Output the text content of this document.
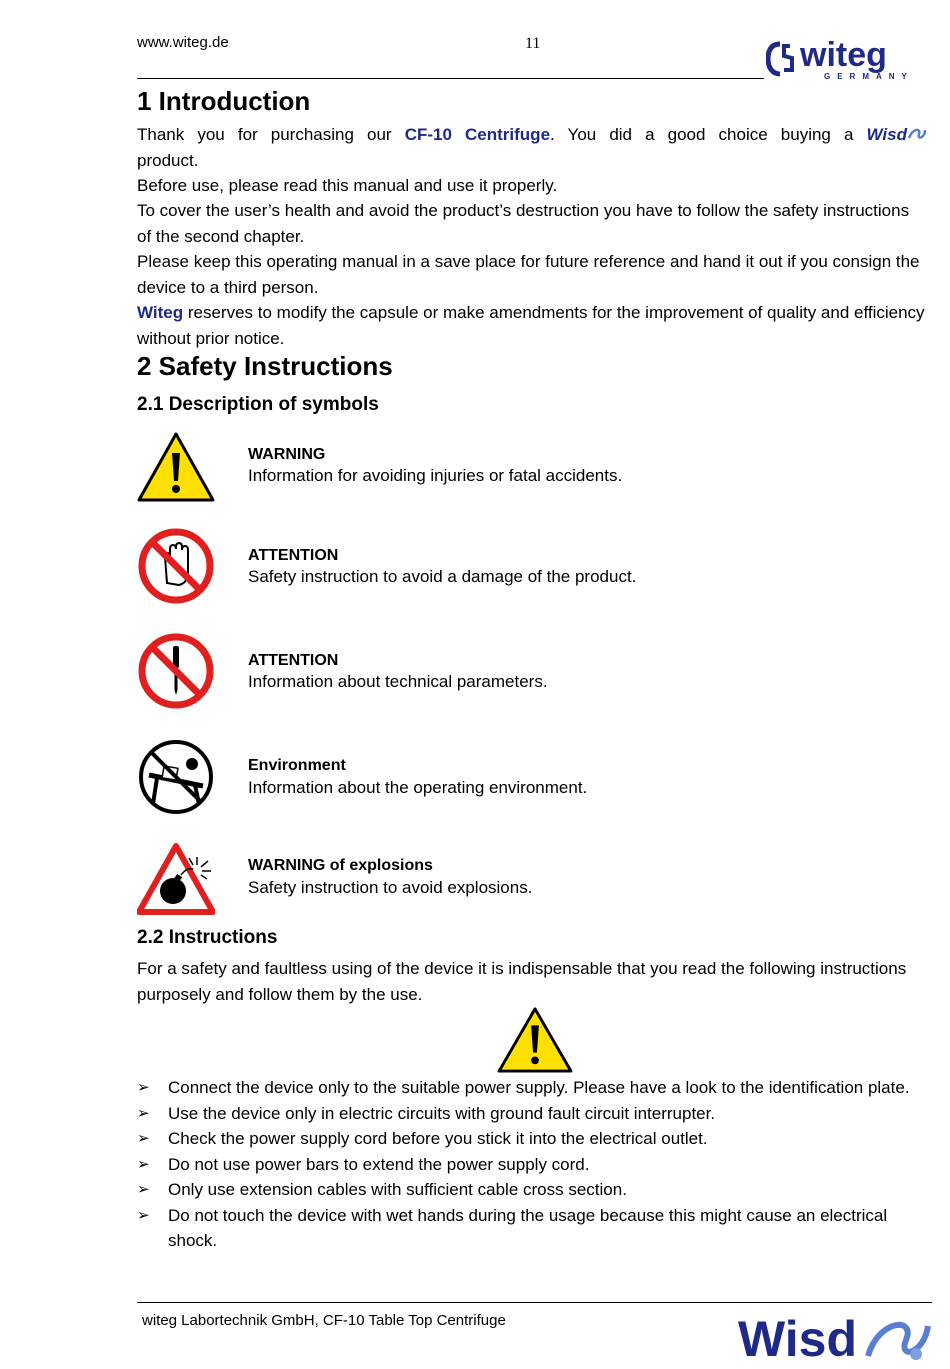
www.witeg.de	11	witeg
GERMANY
1 Introduction
Thank you for purchasing our CF-10 Centrifuge. You did a good choice buying a Wisd
product.
Before use, please read this manual and use it properly.
To cover the user’s health and avoid the product’s destruction you have to follow the safety instructions of the second chapter.
Please keep this operating manual in a save place for future reference and hand it out if you consign the device to a third person.
Witeg reserves to modify the capsule or make amendments for the improvement of quality and efficiency without prior notice.
2 Safety Instructions
2.1 Description of symbols
WARNING
Information for avoiding injuries or fatal accidents.
ATTENTION
Safety instruction to avoid a damage of the product.
ATTENTION
Information about technical parameters.
Environment
Information about the operating environment.
WARNING of explosions
Safety instruction to avoid explosions.
2.2 Instructions
For a safety and faultless using of the device it is indispensable that you read the following instructions purposely and follow them by the use.
➢ Connect the device only to the suitable power supply. Please have a look to the identification plate.
➢ Use the device only in electric circuits with ground fault circuit interrupter.
➢ Check the power supply cord before you stick it into the electrical outlet.
➢ Do not use power bars to extend the power supply cord.
➢ Only use extension cables with sufficient cable cross section.
➢ Do not touch the device with wet hands during the usage because this might cause an electrical shock.
witeg Labortechnik GmbH, CF-10 Table Top Centrifuge	Wisd
